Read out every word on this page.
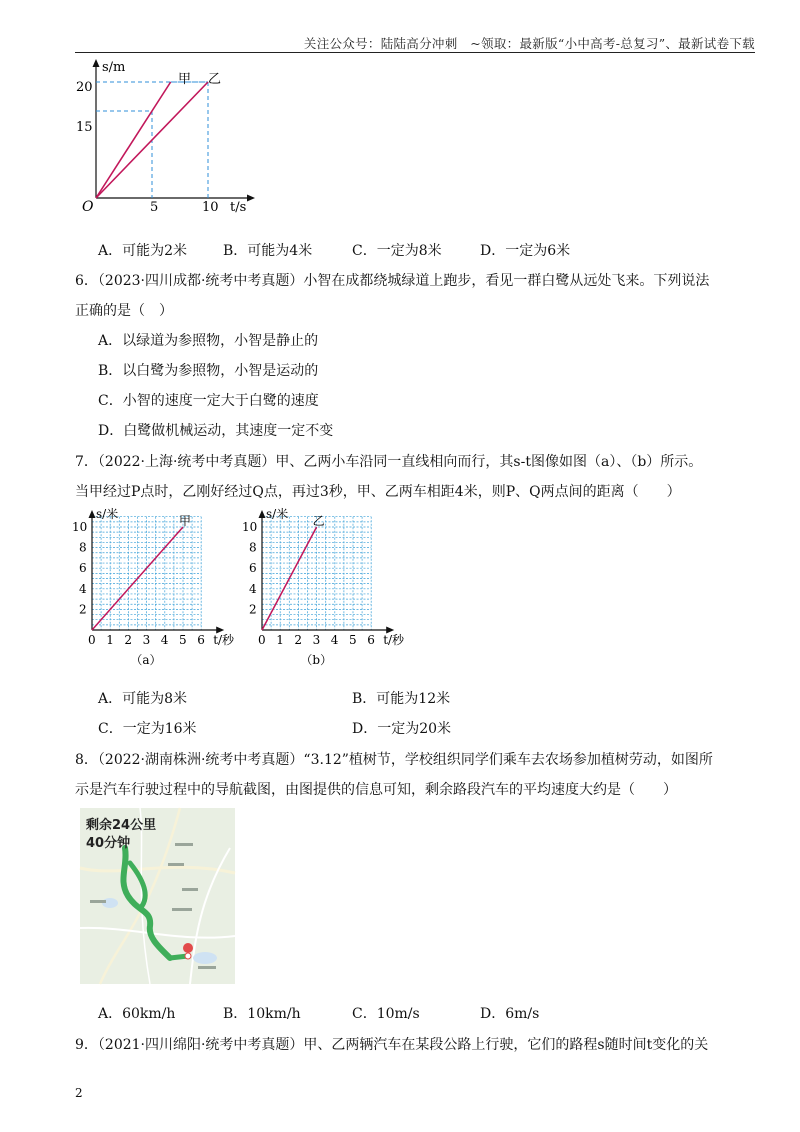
关注公众号：陆陆高分冲刺　~领取：最新版“小中高考-总复习”、最新试卷下载
s/m
t/s
O
20
15
5	10
甲 乙
A．可能为2米	B．可能为4米	C．一定为8米	D．一定为6米
6．（2023·四川成都·统考中考真题）小智在成都绕城绿道上跑步，看见一群白鹭从远处飞来。下列说法
正确的是（　）
A．以绿道为参照物，小智是静止的
B．以白鹭为参照物，小智是运动的
C．小智的速度一定大于白鹭的速度
D．白鹭做机械运动，其速度一定不变
7．（2022·上海·统考中考真题）甲、乙两小车沿同一直线相向而行，其s-t图像如图（a）、（b）所示。
当甲经过P点时，乙刚好经过Q点，再过3秒，甲、乙两车相距4米，则P、Q两点间的距离（　　）
0 1 2 3 4 5 6
2
4
6
8
10
s/米
t/秒
甲
（a）
0 1 2 3 4 5 6
2
4
6
8
10
s/米
t/秒
乙
（b）
A．可能为8米	B．可能为12米
C．一定为16米	D．一定为20米
8．（2022·湖南株洲·统考中考真题）“3.12”植树节，学校组织同学们乘车去农场参加植树劳动，如图所
示是汽车行驶过程中的导航截图，由图提供的信息可知，剩余路段汽车的平均速度大约是（　　）
剩余24公里
40分钟
A．60km/h	B．10km/h	C．10m/s	D．6m/s
9．（2021·四川绵阳·统考中考真题）甲、乙两辆汽车在某段公路上行驶，它们的路程s随时间t变化的关
2
